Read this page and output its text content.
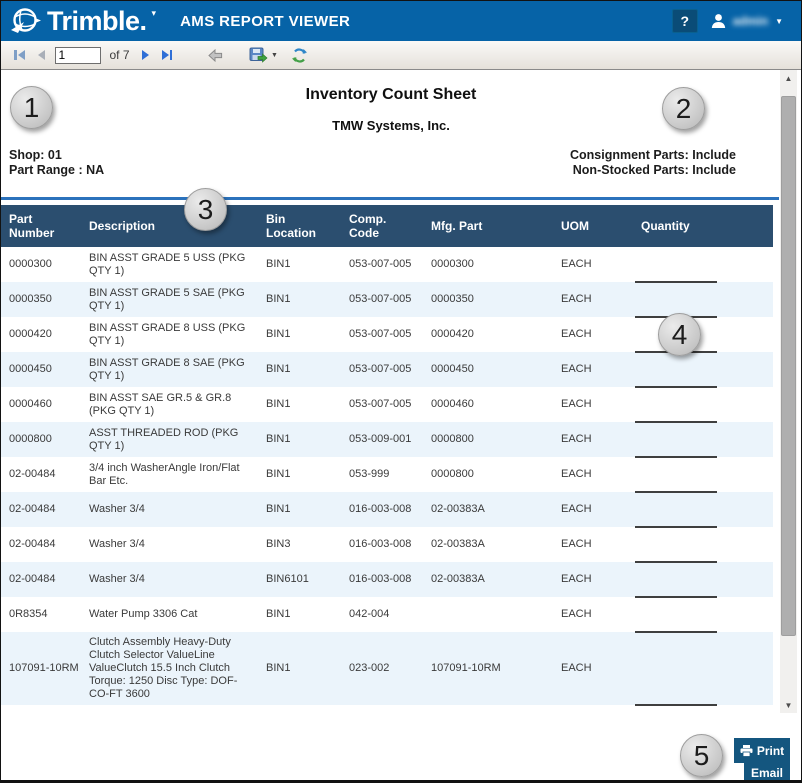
Trimble. ▾ AMS REPORT VIEWER	?	admin ▼
1
of 7	▼
Inventory Count Sheet
TMW Systems, Inc.
Shop: 01
Part Range : NA
Consignment Parts: Include
Non-Stocked Parts: Include
Part Number	Description	Bin Location	Comp. Code	Mfg. Part	UOM	Quantity
0000300	BIN ASST GRADE 5 USS (PKG QTY 1)	BIN1	053-007-005	0000300	EACH	

0000350	BIN ASST GRADE 5 SAE (PKG QTY 1)	BIN1	053-007-005	0000350	EACH	

0000420	BIN ASST GRADE 8 USS (PKG QTY 1)	BIN1	053-007-005	0000420	EACH	

0000450	BIN ASST GRADE 8 SAE (PKG QTY 1)	BIN1	053-007-005	0000450	EACH	

0000460	BIN ASST SAE GR.5 & GR.8 (PKG QTY 1)	BIN1	053-007-005	0000460	EACH	

0000800	ASST THREADED ROD (PKG QTY 1)	BIN1	053-009-001	0000800	EACH	

02-00484	3/4 inch WasherAngle Iron/Flat Bar Etc.	BIN1	053-999	0000800	EACH	

02-00484	Washer 3/4	BIN1	016-003-008	02-00383A	EACH	

02-00484	Washer 3/4	BIN3	016-003-008	02-00383A	EACH	

02-00484	Washer 3/4	BIN6101	016-003-008	02-00383A	EACH	

0R8354	Water Pump 3306 Cat	BIN1	042-004		EACH	

107091-10RM	Clutch Assembly Heavy-Duty Clutch Selector ValueLine ValueClutch 15.5 Inch Clutch Torque: 1250 Disc Type: DOF-CO-FT 3600	BIN1	023-002	107091-10RM	EACH	
1	2
3
4
5
▲
▼
Print
Email
